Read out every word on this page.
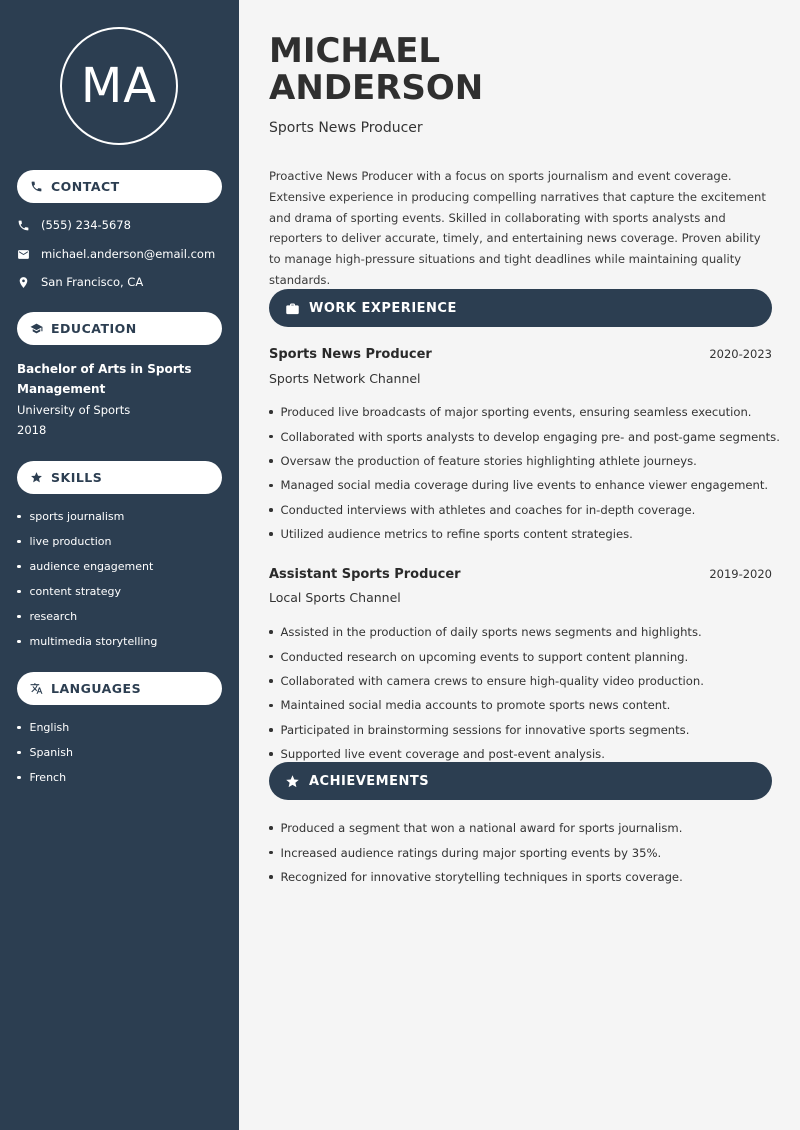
MA
CONTACT
(555) 234-5678
michael.anderson@email.com
San Francisco, CA
EDUCATION
Bachelor of Arts in Sports Management
University of Sports
2018
SKILLS
sports journalism
live production
audience engagement
content strategy
research
multimedia storytelling
LANGUAGES
English
Spanish
French
MICHAEL
ANDERSON
Sports News Producer

Proactive News Producer with a focus on sports journalism and event coverage. Extensive experience in producing compelling narratives that capture the excitement and drama of sporting events. Skilled in collaborating with sports analysts and reporters to deliver accurate, timely, and entertaining news coverage. Proven ability to manage high-pressure situations and tight deadlines while maintaining quality standards.

WORK EXPERIENCE
Sports News Producer	2020-2023
Sports Network Channel
Produced live broadcasts of major sporting events, ensuring seamless execution.
Collaborated with sports analysts to develop engaging pre- and post-game segments.
Oversaw the production of feature stories highlighting athlete journeys.
Managed social media coverage during live events to enhance viewer engagement.
Conducted interviews with athletes and coaches for in-depth coverage.
Utilized audience metrics to refine sports content strategies.
Assistant Sports Producer	2019-2020
Local Sports Channel
Assisted in the production of daily sports news segments and highlights.
Conducted research on upcoming events to support content planning.
Collaborated with camera crews to ensure high-quality video production.
Maintained social media accounts to promote sports news content.
Participated in brainstorming sessions for innovative sports segments.
Supported live event coverage and post-event analysis.
ACHIEVEMENTS
Produced a segment that won a national award for sports journalism.
Increased audience ratings during major sporting events by 35%.
Recognized for innovative storytelling techniques in sports coverage.
